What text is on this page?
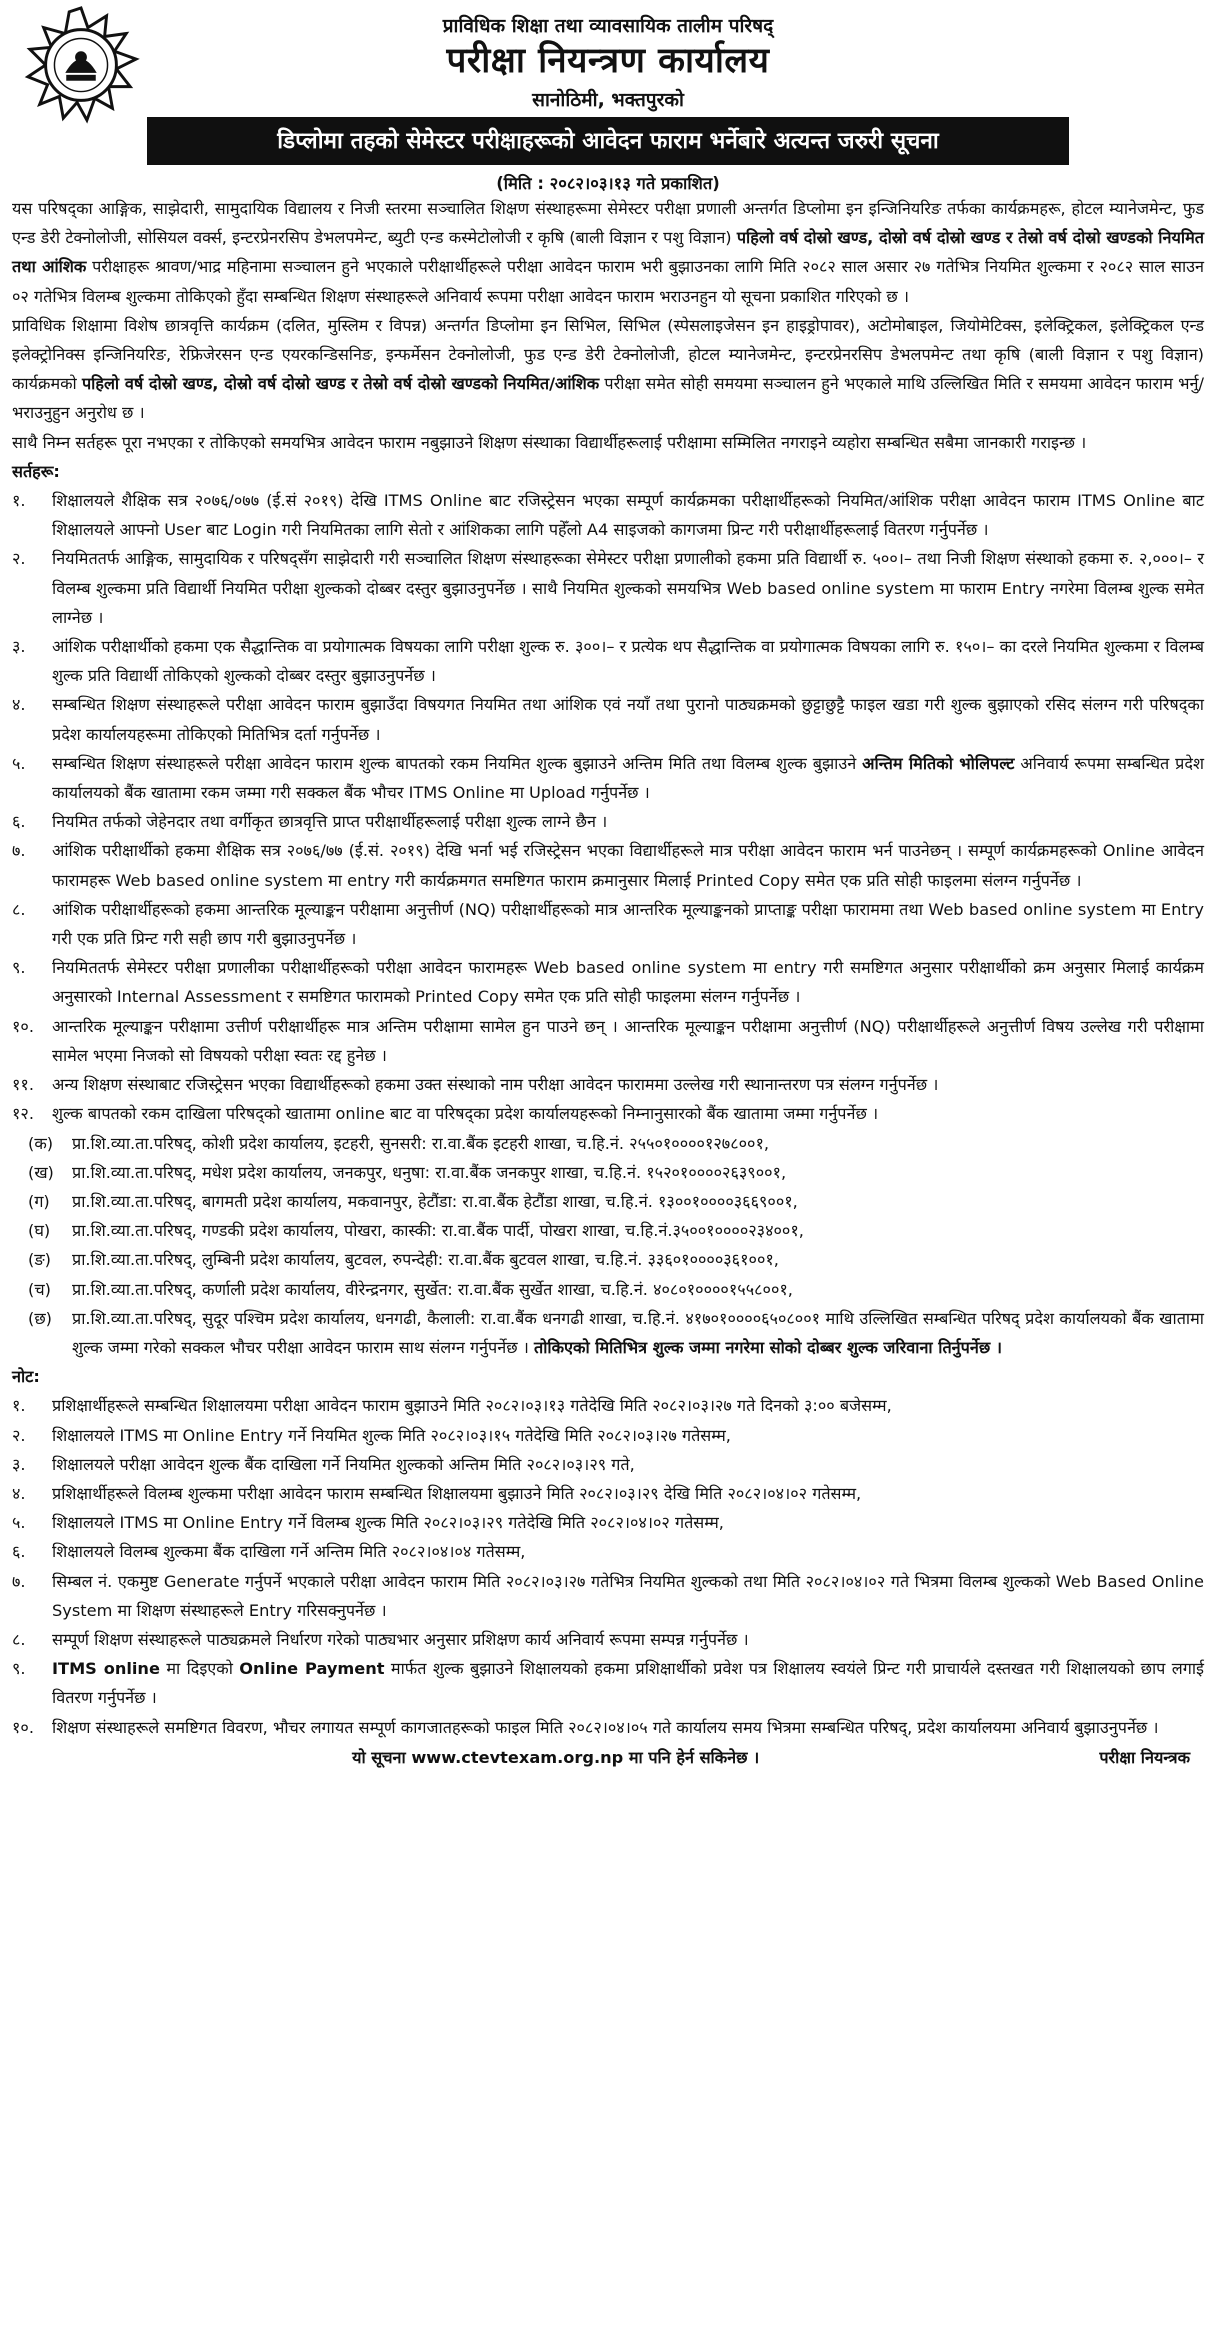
प्राविधिक शिक्षा तथा व्यावसायिक तालीम परिषद्
परीक्षा नियन्त्रण कार्यालय
सानोठिमी, भक्तपुरको
डिप्लोमा तहको सेमेस्टर परीक्षाहरूको आवेदन फाराम भर्नेबारे अत्यन्त जरुरी सूचना
(मिति : २०८२।०३।१३ गते प्रकाशित)

यस परिषद्का आङ्गिक, साझेदारी, सामुदायिक विद्यालय र निजी स्तरमा सञ्चालित शिक्षण संस्थाहरूमा सेमेस्टर परीक्षा प्रणाली अन्तर्गत डिप्लोमा इन इन्जिनियरिङ तर्फका कार्यक्रमहरू, होटल म्यानेजमेन्ट, फुड एन्ड डेरी टेक्नोलोजी, सोसियल वर्क्स, इन्टरप्रेनरसिप डेभलपमेन्ट, ब्युटी एन्ड कस्मेटोलोजी र कृषि (बाली विज्ञान र पशु विज्ञान) पहिलो वर्ष दोस्रो खण्ड, दोस्रो वर्ष दोस्रो खण्ड र तेस्रो वर्ष दोस्रो खण्डको नियमित तथा आंशिक परीक्षाहरू श्रावण/भाद्र महिनामा सञ्चालन हुने भएकाले परीक्षार्थीहरूले परीक्षा आवेदन फाराम भरी बुझाउनका लागि मिति २०८२ साल असार २७ गतेभित्र नियमित शुल्कमा र २०८२ साल साउन ०२ गतेभित्र विलम्ब शुल्कमा तोकिएको हुँदा सम्बन्धित शिक्षण संस्थाहरूले अनिवार्य रूपमा परीक्षा आवेदन फाराम भराउनहुन यो सूचना प्रकाशित गरिएको छ ।

प्राविधिक शिक्षामा विशेष छात्रवृत्ति कार्यक्रम (दलित, मुस्लिम र विपन्न) अन्तर्गत डिप्लोमा इन सिभिल, सिभिल (स्पेसलाइजेसन इन हाइड्रोपावर), अटोमोबाइल, जियोमेटिक्स, इलेक्ट्रिकल, इलेक्ट्रिकल एन्ड इलेक्ट्रोनिक्स इन्जिनियरिङ, रेफ्रिजेरसन एन्ड एयरकन्डिसनिङ, इन्फर्मेसन टेक्नोलोजी, फुड एन्ड डेरी टेक्नोलोजी, होटल म्यानेजमेन्ट, इन्टरप्रेनरसिप डेभलपमेन्ट तथा कृषि (बाली विज्ञान र पशु विज्ञान) कार्यक्रमको पहिलो वर्ष दोस्रो खण्ड, दोस्रो वर्ष दोस्रो खण्ड र तेस्रो वर्ष दोस्रो खण्डको नियमित/आंशिक परीक्षा समेत सोही समयमा सञ्चालन हुने भएकाले माथि उल्लिखित मिति र समयमा आवेदन फाराम भर्नु/भराउनुहुन अनुरोध छ ।

साथै निम्न सर्तहरू पूरा नभएका र तोकिएको समयभित्र आवेदन फाराम नबुझाउने शिक्षण संस्थाका विद्यार्थीहरूलाई परीक्षामा सम्मिलित नगराइने व्यहोरा सम्बन्धित सबैमा जानकारी गराइन्छ ।

सर्तहरू:
१.	शिक्षालयले शैक्षिक सत्र २०७६/०७७ (ई.सं २०१९) देखि ITMS Online बाट रजिस्ट्रेसन भएका सम्पूर्ण कार्यक्रमका परीक्षार्थीहरूको नियमित/आंशिक परीक्षा आवेदन फाराम ITMS Online बाट शिक्षालयले आफ्नो User बाट Login गरी नियमितका लागि सेतो र आंशिकका लागि पहेँलो A4 साइजको कागजमा प्रिन्ट गरी परीक्षार्थीहरूलाई वितरण गर्नुपर्नेछ ।
२.	नियमिततर्फ आङ्गिक, सामुदायिक र परिषद्सँग साझेदारी गरी सञ्चालित शिक्षण संस्थाहरूका सेमेस्टर परीक्षा प्रणालीको हकमा प्रति विद्यार्थी रु. ५००।– तथा निजी शिक्षण संस्थाको हकमा रु. २,०००।– र विलम्ब शुल्कमा प्रति विद्यार्थी नियमित परीक्षा शुल्कको दोब्बर दस्तुर बुझाउनुपर्नेछ । साथै नियमित शुल्कको समयभित्र Web based online system मा फाराम Entry नगरेमा विलम्ब शुल्क समेत लाग्नेछ ।
३.	आंशिक परीक्षार्थीको हकमा एक सैद्धान्तिक वा प्रयोगात्मक विषयका लागि परीक्षा शुल्क रु. ३००।– र प्रत्येक थप सैद्धान्तिक वा प्रयोगात्मक विषयका लागि रु. १५०।– का दरले नियमित शुल्कमा र विलम्ब शुल्क प्रति विद्यार्थी तोकिएको शुल्कको दोब्बर दस्तुर बुझाउनुपर्नेछ ।
४.	सम्बन्धित शिक्षण संस्थाहरूले परीक्षा आवेदन फाराम बुझाउँदा विषयगत नियमित तथा आंशिक एवं नयाँ तथा पुरानो पाठ्यक्रमको छुट्टाछुट्टै फाइल खडा गरी शुल्क बुझाएको रसिद संलग्न गरी परिषद्का प्रदेश कार्यालयहरूमा तोकिएको मितिभित्र दर्ता गर्नुपर्नेछ ।
५.	सम्बन्धित शिक्षण संस्थाहरूले परीक्षा आवेदन फाराम शुल्क बापतको रकम नियमित शुल्क बुझाउने अन्तिम मिति तथा विलम्ब शुल्क बुझाउने अन्तिम मितिको भोलिपल्ट अनिवार्य रूपमा सम्बन्धित प्रदेश कार्यालयको बैंक खातामा रकम जम्मा गरी सक्कल बैंक भौचर ITMS Online मा Upload गर्नुपर्नेछ ।
६.	नियमित तर्फको जेहेनदार तथा वर्गीकृत छात्रवृत्ति प्राप्त परीक्षार्थीहरूलाई परीक्षा शुल्क लाग्ने छैन ।
७.	आंशिक परीक्षार्थीको हकमा शैक्षिक सत्र २०७६/७७ (ई.सं. २०१९) देखि भर्ना भई रजिस्ट्रेसन भएका विद्यार्थीहरूले मात्र परीक्षा आवेदन फाराम भर्न पाउनेछन् । सम्पूर्ण कार्यक्रमहरूको Online आवेदन फारामहरू Web based online system मा entry गरी कार्यक्रमगत समष्टिगत फाराम क्रमानुसार मिलाई Printed Copy समेत एक प्रति सोही फाइलमा संलग्न गर्नुपर्नेछ ।
८.	आंशिक परीक्षार्थीहरूको हकमा आन्तरिक मूल्याङ्कन परीक्षामा अनुत्तीर्ण (NQ) परीक्षार्थीहरूको मात्र आन्तरिक मूल्याङ्कनको प्राप्ताङ्क परीक्षा फाराममा तथा Web based online system मा Entry गरी एक प्रति प्रिन्ट गरी सही छाप गरी बुझाउनुपर्नेछ ।
९.	नियमिततर्फ सेमेस्टर परीक्षा प्रणालीका परीक्षार्थीहरूको परीक्षा आवेदन फारामहरू Web based online system मा entry गरी समष्टिगत अनुसार परीक्षार्थीको क्रम अनुसार मिलाई कार्यक्रम अनुसारको Internal Assessment र समष्टिगत फारामको Printed Copy समेत एक प्रति सोही फाइलमा संलग्न गर्नुपर्नेछ ।
१०.	आन्तरिक मूल्याङ्कन परीक्षामा उत्तीर्ण परीक्षार्थीहरू मात्र अन्तिम परीक्षामा सामेल हुन पाउने छन् । आन्तरिक मूल्याङ्कन परीक्षामा अनुत्तीर्ण (NQ) परीक्षार्थीहरूले अनुत्तीर्ण विषय उल्लेख गरी परीक्षामा सामेल भएमा निजको सो विषयको परीक्षा स्वतः रद्द हुनेछ ।
११.	अन्य शिक्षण संस्थाबाट रजिस्ट्रेसन भएका विद्यार्थीहरूको हकमा उक्त संस्थाको नाम परीक्षा आवेदन फाराममा उल्लेख गरी स्थानान्तरण पत्र संलग्न गर्नुपर्नेछ ।
१२.	शुल्क बापतको रकम दाखिला परिषद्को खातामा online बाट वा परिषद्का प्रदेश कार्यालयहरूको निम्नानुसारको बैंक खातामा जम्मा गर्नुपर्नेछ ।
(क)	प्रा.शि.व्या.ता.परिषद्, कोशी प्रदेश कार्यालय, इटहरी, सुनसरी: रा.वा.बैंक इटहरी शाखा, च.हि.नं. २५५०१००००१२७८००१,
(ख)	प्रा.शि.व्या.ता.परिषद्, मधेश प्रदेश कार्यालय, जनकपुर, धनुषा: रा.वा.बैंक जनकपुर शाखा, च.हि.नं. १५२०१००००२६३९००१,
(ग)	प्रा.शि.व्या.ता.परिषद्, बागमती प्रदेश कार्यालय, मकवानपुर, हेटौंडा: रा.वा.बैंक हेटौंडा शाखा, च.हि.नं. १३००१००००३६६९००१,
(घ)	प्रा.शि.व्या.ता.परिषद्, गण्डकी प्रदेश कार्यालय, पोखरा, कास्की: रा.वा.बैंक पार्दी, पोखरा शाखा, च.हि.नं.३५००१००००२३४००१,
(ङ)	प्रा.शि.व्या.ता.परिषद्, लुम्बिनी प्रदेश कार्यालय, बुटवल, रुपन्देही: रा.वा.बैंक बुटवल शाखा, च.हि.नं. ३३६०१००००३६१००१,
(च)	प्रा.शि.व्या.ता.परिषद्, कर्णाली प्रदेश कार्यालय, वीरेन्द्रनगर, सुर्खेत: रा.वा.बैंक सुर्खेत शाखा, च.हि.नं. ४०८०१००००१५५८००१,
(छ)	प्रा.शि.व्या.ता.परिषद्, सुदूर पश्चिम प्रदेश कार्यालय, धनगढी, कैलाली: रा.वा.बैंक धनगढी शाखा, च.हि.नं. ४१७०१००००६५०८००१ माथि उल्लिखित सम्बन्धित परिषद् प्रदेश कार्यालयको बैंक खातामा शुल्क जम्मा गरेको सक्कल भौचर परीक्षा आवेदन फाराम साथ संलग्न गर्नुपर्नेछ । तोकिएको मितिभित्र शुल्क जम्मा नगरेमा सोको दोब्बर शुल्क जरिवाना तिर्नुपर्नेछ ।
नोट:
१.	प्रशिक्षार्थीहरूले सम्बन्धित शिक्षालयमा परीक्षा आवेदन फाराम बुझाउने मिति २०८२।०३।१३ गतेदेखि मिति २०८२।०३।२७ गते दिनको ३:०० बजेसम्म,
२.	शिक्षालयले ITMS मा Online Entry गर्ने नियमित शुल्क मिति २०८२।०३।१५ गतेदेखि मिति २०८२।०३।२७ गतेसम्म,
३.	शिक्षालयले परीक्षा आवेदन शुल्क बैंक दाखिला गर्ने नियमित शुल्कको अन्तिम मिति २०८२।०३।२९ गते,
४.	प्रशिक्षार्थीहरूले विलम्ब शुल्कमा परीक्षा आवेदन फाराम सम्बन्धित शिक्षालयमा बुझाउने मिति २०८२।०३।२९ देखि मिति २०८२।०४।०२ गतेसम्म,
५.	शिक्षालयले ITMS मा Online Entry गर्ने विलम्ब शुल्क मिति २०८२।०३।२९ गतेदेखि मिति २०८२।०४।०२ गतेसम्म,
६.	शिक्षालयले विलम्ब शुल्कमा बैंक दाखिला गर्ने अन्तिम मिति २०८२।०४।०४ गतेसम्म,
७.	सिम्बल नं. एकमुष्ट Generate गर्नुपर्ने भएकाले परीक्षा आवेदन फाराम मिति २०८२।०३।२७ गतेभित्र नियमित शुल्कको तथा मिति २०८२।०४।०२ गते भित्रमा विलम्ब शुल्कको Web Based Online System मा शिक्षण संस्थाहरूले Entry गरिसक्नुपर्नेछ ।
८.	सम्पूर्ण शिक्षण संस्थाहरूले पाठ्यक्रमले निर्धारण गरेको पाठ्यभार अनुसार प्रशिक्षण कार्य अनिवार्य रूपमा सम्पन्न गर्नुपर्नेछ ।
९.	ITMS online मा दिइएको Online Payment मार्फत शुल्क बुझाउने शिक्षालयको हकमा प्रशिक्षार्थीको प्रवेश पत्र शिक्षालय स्वयंले प्रिन्ट गरी प्राचार्यले दस्तखत गरी शिक्षालयको छाप लगाई वितरण गर्नुपर्नेछ ।
१०.	शिक्षण संस्थाहरूले समष्टिगत विवरण, भौचर लगायत सम्पूर्ण कागजातहरूको फाइल मिति २०८२।०४।०५ गते कार्यालय समय भित्रमा सम्बन्धित परिषद्, प्रदेश कार्यालयमा अनिवार्य बुझाउनुपर्नेछ ।
यो सूचना www.ctevtexam.org.np मा पनि हेर्न सकिनेछ ।	परीक्षा नियन्त्रक
